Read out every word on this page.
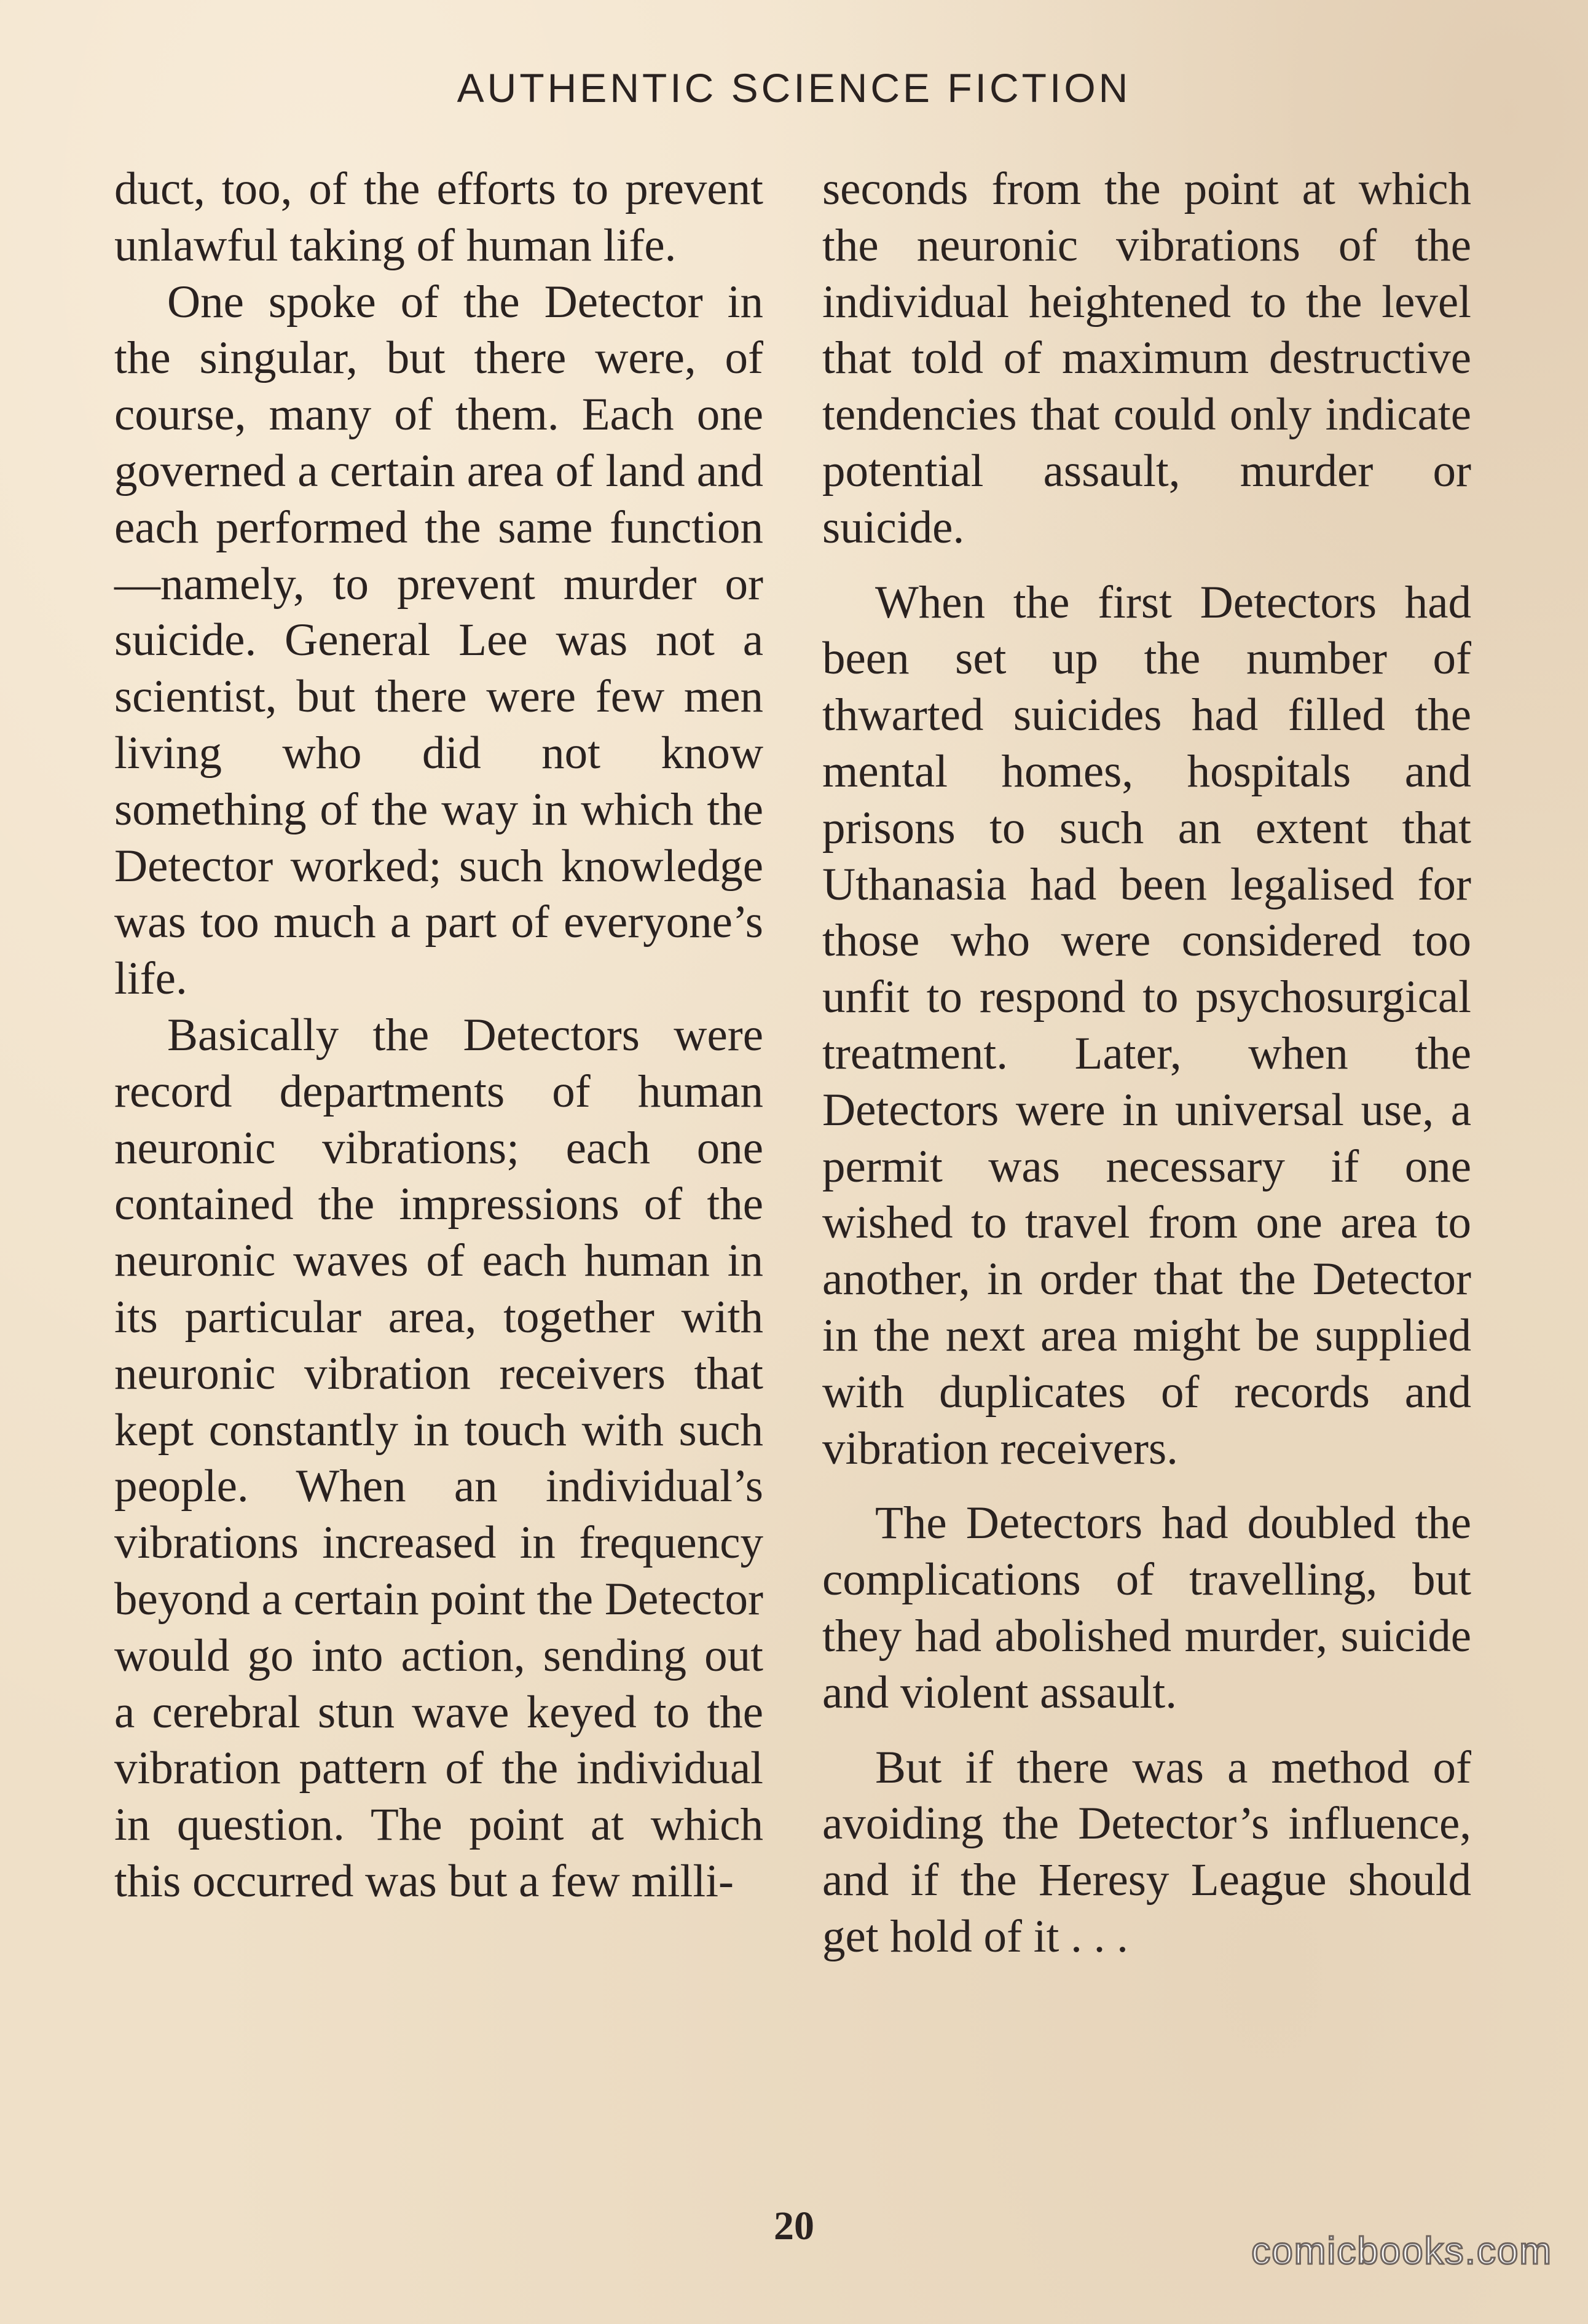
AUTHENTIC SCIENCE FICTION

duct, too, of the efforts to prevent unlawful taking of human life.

One spoke of the Detector in the singular, but there were, of course, many of them. Each one governed a certain area of land and each performed the same function—namely, to prevent murder or suicide. General Lee was not a scientist, but there were few men living who did not know something of the way in which the Detector worked; such knowledge was too much a part of everyone’s life.

Basically the Detectors were record departments of human neuronic vibrations; each one contained the impressions of the neuronic waves of each human in its particular area, together with neuronic vibration receivers that kept constantly in touch with such people. When an individual’s vibrations increased in frequency beyond a certain point the Detector would go into action, sending out a cerebral stun wave keyed to the vibration pattern of the individual in question. The point at which this occurred was but a few milli-

seconds from the point at which the neuronic vibrations of the individual heightened to the level that told of maximum destructive tendencies that could only indicate potential assault, murder or suicide.

When the first Detectors had been set up the number of thwarted suicides had filled the mental homes, hospitals and prisons to such an extent that Uthanasia had been legalised for those who were considered too unfit to respond to psychosurgical treatment. Later, when the Detectors were in universal use, a permit was necessary if one wished to travel from one area to another, in order that the Detector in the next area might be supplied with duplicates of records and vibration receivers.

The Detectors had doubled the complications of travelling, but they had abolished murder, suicide and violent assault.

But if there was a method of avoiding the Detector’s influence, and if the Heresy League should get hold of it . . .

20
comicbooks.com
